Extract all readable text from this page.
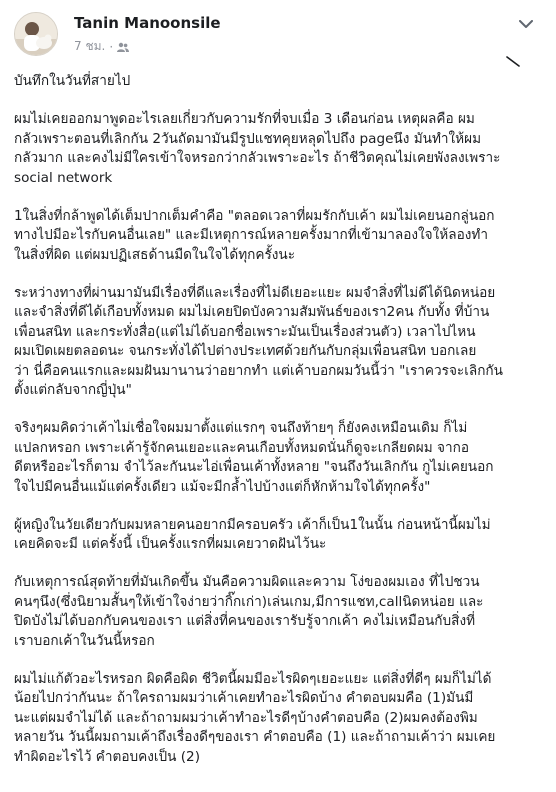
Tanin Manoonsile
7 ชม. ·

บันทึกในวันที่สายไป

ผมไม่เคยออกมาพูดอะไรเลยเกี่ยวกับความรักที่จบเมื่อ 3 เดือนก่อน เหตุผลคือ ผม
กลัวเพราะตอนที่เลิกกัน 2วันถัดมามันมีรูปแชทคุยหลุดไปถึง pageนึง มันทำให้ผม
กลัวมาก และคงไม่มีใครเข้าใจหรอกว่ากลัวเพราะอะไร ถ้าชีวิตคุณไม่เคยพังลงเพราะ
social network

1ในสิ่งที่กล้าพูดได้เต็มปากเต็มคำคือ "ตลอดเวลาที่ผมรักกับเค้า ผมไม่เคยนอกลู่นอก
ทางไปมีอะไรกับคนอื่นเลย" และมีเหตุการณ์หลายครั้งมากที่เข้ามาลองใจให้ลองทำ
ในสิ่งที่ผิด แต่ผมปฏิเสธด้านมืดในใจได้ทุกครั้งนะ

ระหว่างทางที่ผ่านมามันมีเรื่องที่ดีและเรื่องที่ไม่ดีเยอะแยะ ผมจำสิ่งที่ไม่ดีได้นิดหน่อย
และจำสิ่งที่ดีได้เกือบทั้งหมด ผมไม่เคยปิดบังความสัมพันธ์ของเรา2คน กับทั้ง ที่บ้าน
เพื่อนสนิท และกระทั่งสื่อ(แต่ไม่ได้บอกชื่อเพราะมันเป็นเรื่องส่วนตัว) เวลาไปไหน
ผมเปิดเผยตลอดนะ จนกระทั่งได้ไปต่างประเทศด้วยกันกับกลุ่มเพื่อนสนิท บอกเลย
ว่า นี่คือคนแรกและผมฝันมานานว่าอยากทำ แต่เค้าบอกผมวันนี้ว่า "เราควรจะเลิกกัน
ตั้งแต่กลับจากญี่ปุ่น"

จริงๆผมคิดว่าเค้าไม่เชื่อใจผมมาตั้งแต่แรกๆ จนถึงท้ายๆ ก็ยังคงเหมือนเดิม ก็ไม่
แปลกหรอก เพราะเค้ารู้จักคนเยอะและคนเกือบทั้งหมดนั่นก็ดูจะเกลียดผม จากอ
ดีตหรืออะไรก็ตาม จำไว้ละกันนะไอ่เพื่อนเค้าทั้งหลาย "จนถึงวันเลิกกัน กูไม่เคยนอก
ใจไปมีคนอื่นแม้แต่ครั้งเดียว แม้จะมีกล้ำไปบ้างแต่ก็หักห้ามใจได้ทุกครั้ง"

ผู้หญิงในวัยเดียวกับผมหลายคนอยากมีครอบครัว เค้าก็เป็น1ในนั้น ก่อนหน้านี้ผมไม่
เคยคิดจะมี แต่ครั้งนี้ เป็นครั้งแรกที่ผมเคยวาดฝันไว้นะ

กับเหตุการณ์สุดท้ายที่มันเกิดขึ้น มันคือความผิดและความ โง่ของผมเอง ที่ไปชวน
คนๆนึง(ซึ่งนิยามสั้นๆให้เข้าใจง่ายว่ากิ๊กเก่า)เล่นเกม,มีการแชท,callนิดหน่อย และ
ปิดบังไม่ได้บอกกับคนของเรา แต่สิ่งที่คนของเรารับรู้จากเค้า คงไม่เหมือนกับสิ่งที่
เราบอกเค้าในวันนี้หรอก

ผมไม่แก้ตัวอะไรหรอก ผิดคือผิด ชีวิตนี้ผมมีอะไรผิดๆเยอะแยะ แต่สิ่งที่ดีๆ ผมก็ไม่ได้
น้อยไปกว่ากันนะ ถ้าใครถามผมว่าเค้าเคยทำอะไรผิดบ้าง คำตอบผมคือ (1)มันมี
นะแต่ผมจำไม่ได้ และถ้าถามผมว่าเค้าทำอะไรดีๆบ้างคำตอบคือ (2)ผมคงต้องพิม
หลายวัน วันนี้ผมถามเค้าถึงเรื่องดีๆของเรา คำตอบคือ (1) และถ้าถามเค้าว่า ผมเคย
ทำผิดอะไรไว้ คำตอบคงเป็น (2)
